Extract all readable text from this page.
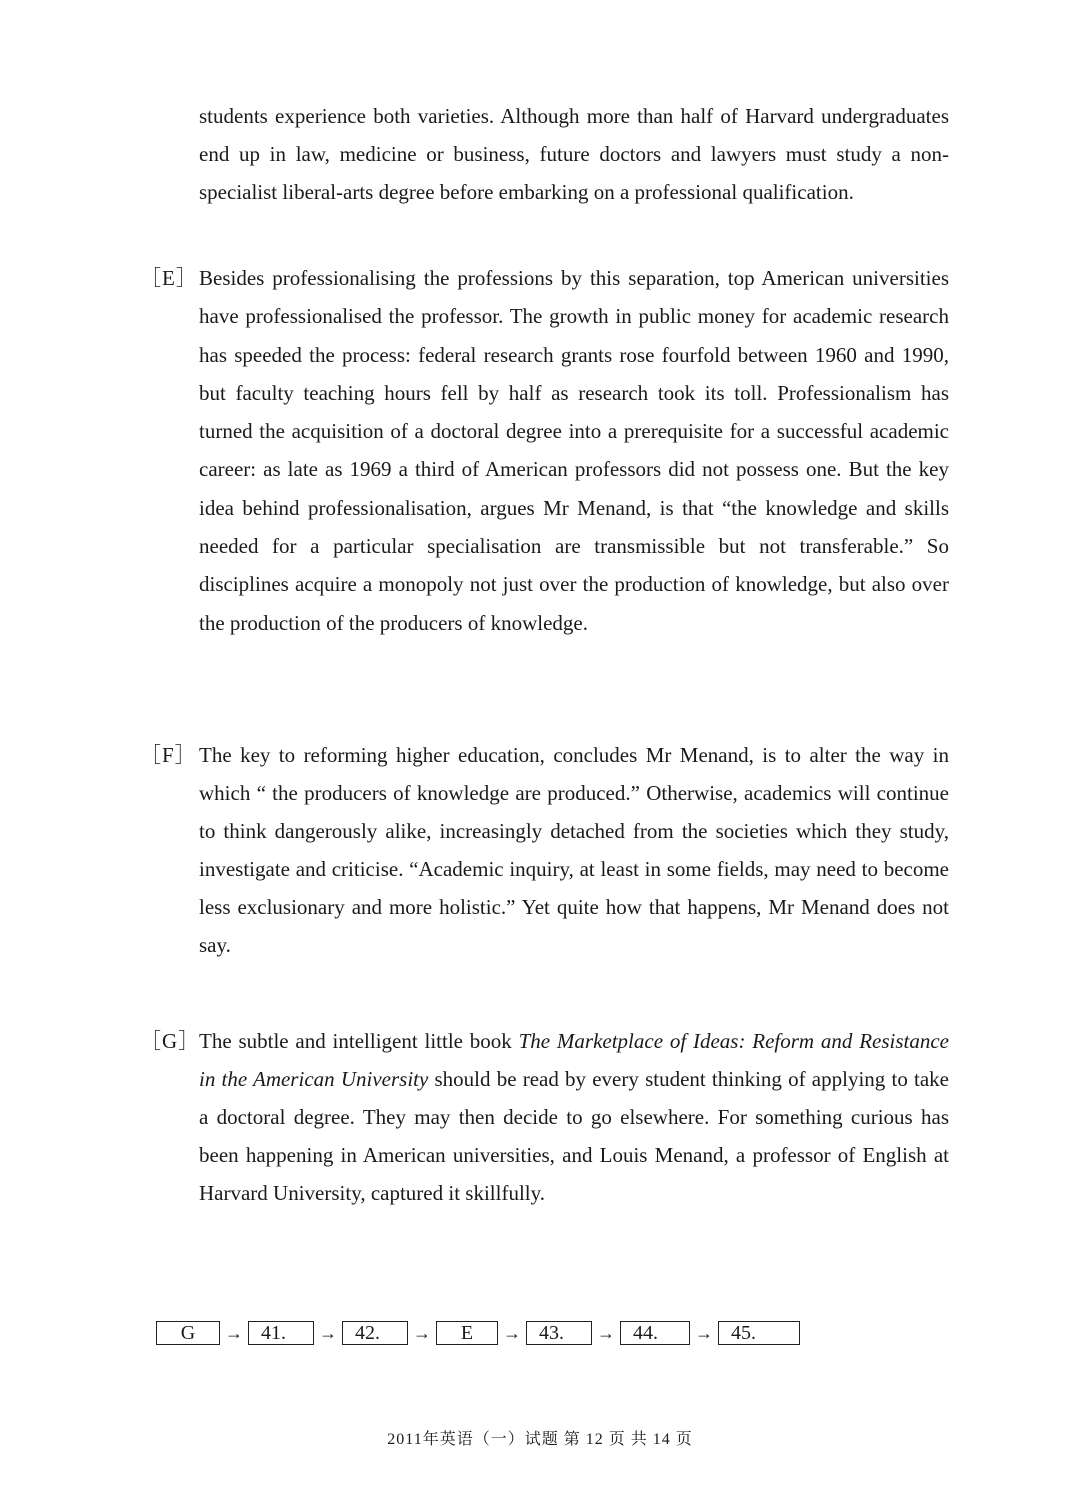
students experience both varieties. Although more than half of Harvard undergraduates end up in law, medicine or business, future doctors and lawyers must study a non-specialist liberal-arts degree before embarking on a professional qualification.

［E］ Besides professionalising the professions by this separation, top American universities have professionalised the professor. The growth in public money for academic research has speeded the process: federal research grants rose fourfold between 1960 and 1990, but faculty teaching hours fell by half as research took its toll. Professionalism has turned the acquisition of a doctoral degree into a prerequisite for a successful academic career: as late as 1969 a third of American professors did not possess one. But the key idea behind professionalisation, argues Mr Menand, is that “the knowledge and skills needed for a particular specialisation are transmissible but not transferable.” So disciplines acquire a monopoly not just over the production of knowledge, but also over the production of the producers of knowledge.

［F］ The key to reforming higher education, concludes Mr Menand, is to alter the way in which “ the producers of knowledge are produced.” Otherwise, academics will continue to think dangerously alike, increasingly detached from the societies which they study, investigate and criticise. “Academic inquiry, at least in some fields, may need to become less exclusionary and more holistic.” Yet quite how that happens, Mr Menand does not say.

［G］

The subtle and intelligent little book The Marketplace of Ideas: Reform and Resistance in the American University should be read by every student thinking of applying to take a doctoral degree. They may then decide to go elsewhere. For something curious has been happening in American universities, and Louis Menand, a professor of English at Harvard University, captured it skillfully.

G	→ 41.	→ 42.	→	E	→ 43.	→ 44.	→ 45.
2011年英语（一）试题 第 12 页 共 14 页
